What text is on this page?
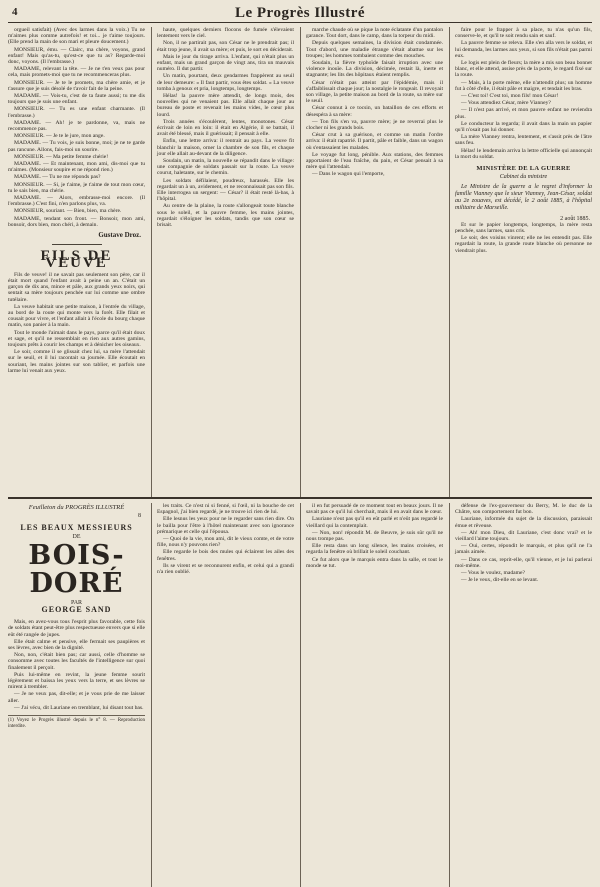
4	Le Progrès Illustré

orgueil satisfait) (Avec des larmes dans la voix.) Tu ne m'aimes plus comme autrefois! et toi... je t'aime toujours. (Elle prend la main de son mari et pleure doucement.)

MONSIEUR, ému. — Clairc, ma chère, voyons, grand enfant! Mais qu'as-tu, qu'est-ce que tu as? Regarde-moi donc, voyons. (Il l'embrasse.)

MADAME, relevant la tête. — Je ne t'en veux pas pour cela, mais promets-moi que tu ne recommenceras plus.

MONSIEUR. — Je te le promets, ma chère amie, et je t'assure que je suis désolé de t'avoir fait de la peine.

MADAME. — Vois-tu, c'est de ta faute aussi; tu me dis toujours que je suis une enfant.

MONSIEUR. — Tu es une enfant charmante. (Il l'embrasse.)

MADAME. — Ah! je te pardonne, va, mais ne recommence pas.

MONSIEUR. — Je te le jure, mon ange.

MADAME. — Tu vois, je suis bonne, moi; je ne te garde pas rancune. Allons, fais-moi un sourire.

MONSIEUR. — Ma petite femme chérie!

MADAME. — Et maintenant, mon ami, dis-moi que tu m'aimes. (Monsieur soupire et ne répond rien.)

MADAME. — Tu ne me réponds pas?

MONSIEUR. — Si, je t'aime, je t'aime de tout mon cœur, tu le sais bien, ma chérie.

MADAME. — Alors, embrasse-moi encore. (Il l'embrasse.) C'est fini, n'en parlons plus, va.

MONSIEUR, souriant. — Bien, bien, ma chère.

MADAME, tendant son front. — Bonsoir, mon ami, bonsoir, dors bien, mon chéri, à demain.

Gustave Droz.
FILS DE VEUVE

Fils de veuve! il ne savait pas seulement son père, car il était mort quand l'enfant avait à peine un an. C'était un garçon de dix ans, mince et pâle, aux grands yeux noirs, qui sentait sa mère toujours penchée sur lui comme une ombre tutélaire.

La veuve habitait une petite maison, à l'entrée du village, au bord de la route qui monte vers la forêt. Elle filait et cousait pour vivre, et l'enfant allait à l'école du bourg chaque matin, son panier à la main.

Tout le monde l'aimait dans le pays, parce qu'il était doux et sage, et qu'il ne ressemblait en rien aux autres gamins, toujours prêts à courir les champs et à dénicher les oiseaux.

Le soir, comme il se glissait chez lui, sa mère l'attendait sur le seuil, et il lui racontait sa journée. Elle écoutait en souriant, les mains jointes sur son tablier, et parfois une larme lui venait aux yeux.

haute, quelques derniers flocons de fumée s'élevaient lentement vers le ciel.

Non, il ne partirait pas, son César ne le prendrait pas; il était trop jeune, il avait sa mère; et puis, le sort en déciderait.

Mais le jour du tirage arriva. L'enfant, qui n'était plus un enfant, mais un grand garçon de vingt ans, tira un mauvais numéro. Il dut partir.

Un matin, pourtant, deux gendarmes frappèrent au seuil de leur demeure: « Il faut partir, vous êtes soldat. » La veuve tomba à genoux et pria, longtemps, longtemps.

Hélas! la pauvre mère attendit, de longs mois, des nouvelles qui ne venaient pas. Elle allait chaque jour au bureau de poste et revenait les mains vides, le cœur plus lourd.

Trois années s'écoulèrent, lentes, monotones. César écrivait de loin en loin: il était en Algérie, il se battait, il avait été blessé, mais il guérissait; il pensait à elle.

Enfin, une lettre arriva: il rentrait au pays. La veuve fit blanchir la maison, orner la chambre de son fils, et chaque jour elle allait au-devant de la diligence.

Soudain, un matin, la nouvelle se répandit dans le village: une compagnie de soldats passait sur la route. La veuve courut, haletante, sur le chemin.

Les soldats défilaient, poudreux, harassés. Elle les regardait un à un, avidement, et ne reconnaissait pas son fils. Elle interrogea un sergent: — César? il était resté là-bas, à l'hôpital.

Au centre de la plaine, la route s'allongeait toute blanche sous le soleil, et la pauvre femme, les mains jointes, regardait s'éloigner les soldats, tandis que son cœur se brisait.

marche chaude où se pique la note éclatante d'un pantalon garance. Tout dort, dans le camp, dans la torpeur du midi.

Depuis quelques semaines, la division était condamnée. Tout d'abord, une maladie étrange s'était abattue sur les troupes; les hommes tombaient comme des mouches.

Soudain, la fièvre typhoïde faisait irruption avec une violence inouïe. La division, décimée, restait là, inerte et stagnante; les lits des hôpitaux étaient remplis.

César n'était pas atteint par l'épidémie, mais il s'affaiblissait chaque jour; la nostalgie le rongeait. Il revoyait son village, la petite maison au bord de la route, sa mère sur le seuil.

César connut à ce tocsin, un bataillon de ces efforts et désespéra à sa mère:

— Ton fils s'en va, pauvre mère; je ne reverrai plus le clocher ni les grands bois.

César crut à sa guérison, et comme un matin l'ordre arriva: il était rapatrié. Il partit, pâle et faible, dans un wagon où s'entassaient les malades.

Le voyage fut long, pénible. Aux stations, des femmes apportaient de l'eau fraîche, du pain, et César pensait à sa mère qui l'attendait.

— Dans le wagon qui l'emporte,

faire pour le frapper à sa place, tu n'as qu'un fils, conserve-le, et qu'il te soit rendu sain et sauf.

La pauvre femme se releva. Elle s'en alla vers le soldat, et lui demanda, les larmes aux yeux, si son fils n'était pas parmi eux.

Le logis est plein de fleurs; la mère a mis son beau bonnet blanc, et elle attend, assise près de la porte, le regard fixé sur la route.

— Mais, à la porte même, elle n'attendit plus; un homme fut à côté d'elle, il était pâle et maigre, et tendait les bras.

— C'est toi! C'est toi, mon fils! mon César!

— Vous attendiez César, mère Vianney?

— Il n'est pas arrivé, et mon pauvre enfant ne reviendra plus.

Le conducteur la regarda; il avait dans la main un papier qu'il n'osait pas lui donner.

La mère Vianney rentra, lentement, et s'assit près de l'âtre sans feu.

Hélas! le lendemain arriva la lettre officielle qui annonçait la mort du soldat.

MINISTÈRE DE LA GUERRE
Cabinet du ministre
Le Ministre de la guerre a le regret d'informer la famille Vianney que le sieur Vianney, Jean-César, soldat au 2e zouaves, est décédé, le 2 août 1885, à l'hôpital militaire de Marseille.
2 août 1885.

Et sur le papier longtemps, longtemps, la mère resta penchée, sans larmes, sans cris.

Le soir, des voisins vinrent; elle ne les entendit pas. Elle regardait la route, la grande route blanche où personne ne viendrait plus.

Feuilleton du PROGRÈS ILLUSTRÉ
8
LES BEAUX MESSIEURS
DE
BOIS-DORÉ
PAR
GEORGE SAND

Mais, en avez-vous tous l'esprit plus favorable, cette fois de soldats étant peut-être plus respectueuse envers que si elle eût été rangée de jupes.

Elle était calme et pensive, elle fermait ses paupières et ses lèvres, avec bien de la dignité.

Non, non, c'était bien pas; car aussi, celle d'homme se consomme avec toutes les facultés de l'intelligence sur quoi finalement il perçoit.

Puis lui-même en revint, la jeune femme sourit légèrement et baissa les yeux vers la terre, et ses lèvres se mirent à trembler.

— Je ne veux pas, dit-elle; et je vous prie de me laisser aller.

— J'ai vécu, dit Lauriane en tremblant, lui disant tout bas.

(1) Voyez le Progrès illustré depuis le n° 8. — Reproduction interdite.

les traits. Ce n'est ni si fenné, si l'œil, ni la bouche de cet Espagnol, j'ai bien regardé, je ne trouve ici rien de lui.

Elle lesnus les yeux pour ne le regarder sans rien dire. On le bailla pour l'être à l'hôtel maintenant avec son ignorance prémarique et celle qui l'épousa.

— Quoi de la vie, mon ami, dit le vieux comte, et de votre fille, nous n'y pouvons rien?

Elle regarde le bois des mules qui éclairent les ailes des fenêtres.

Ils se virent et se reconnurent enfin, et celui qui a grandi n'a rien oublié.

il en fut persuadé de ce moment tout en beaux jours. Il ne savait pas ce qu'il lui cherchait, mais il en avait dans le cœur.

Lauriane n'eut pas qu'il en eût parlé et n'eût pas regardé le vieillard qui la contemplait.

— Non, non! répondit M. de Beuvre, je suis sûr qu'il ne nous trompe pas.

Elle resta dans un long silence, les mains croisées, et regarda la fenêtre où brillait le soleil couchant.

Ce fut alors que le marquis entra dans la salle, et tout le monde se tut.

défense de l'ex-gouverneur du Berry, M. le duc de la Châtre, son comportement fut bon.

Lauriane, informée du sujet de la discussion, paraissait émue et rêveuse.

— Ah! mon Dieu, dit Lauriane, c'est donc vrai? et le vieillard l'aime toujours.

— Oui, certes, répondit le marquis, et plus qu'il ne l'a jamais aimée.

— Dans ce cas, reprit-elle, qu'il vienne, et je lui parlerai moi-même.

— Vous le voulez, madame?

— Je le veux, dit-elle en se levant.
